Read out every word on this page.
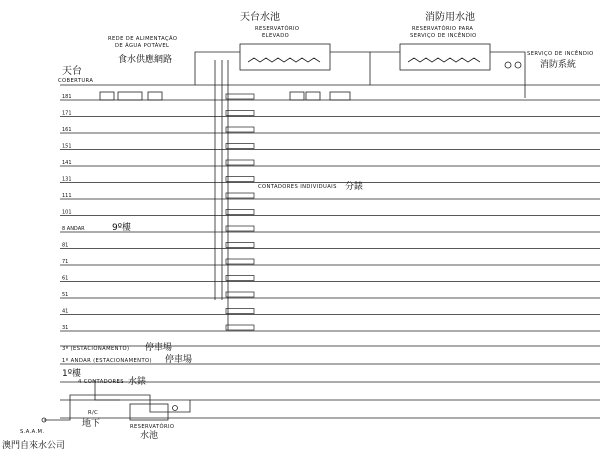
天台水池
RESERVATÓRIO
ELEVADO
消防用水池
RESERVATÓRIO PARA
SERVIÇO DE INCÊNDIO
REDE DE ALIMENTAÇÃO
DE ÁGUA POTÁVEL
食水供應網路
SERVIÇO DE INCÊNDIO
消防系統
天台
COBERTURA
CONTADORES INDIVIDUAIS 分錶
3º (ESTACIONAMENTO) 停車場
1º ANDAR (ESTACIONAMENTO) 停車場
1º樓
4 CONTADORES 水錶
S.A.A.M.
R/C
地下	RESERVATÓRIO
水池
澳門自來水公司
181
171
161
151
141
131
111
101
8 ANDAR	9º樓
81
71
61
51
41
31
